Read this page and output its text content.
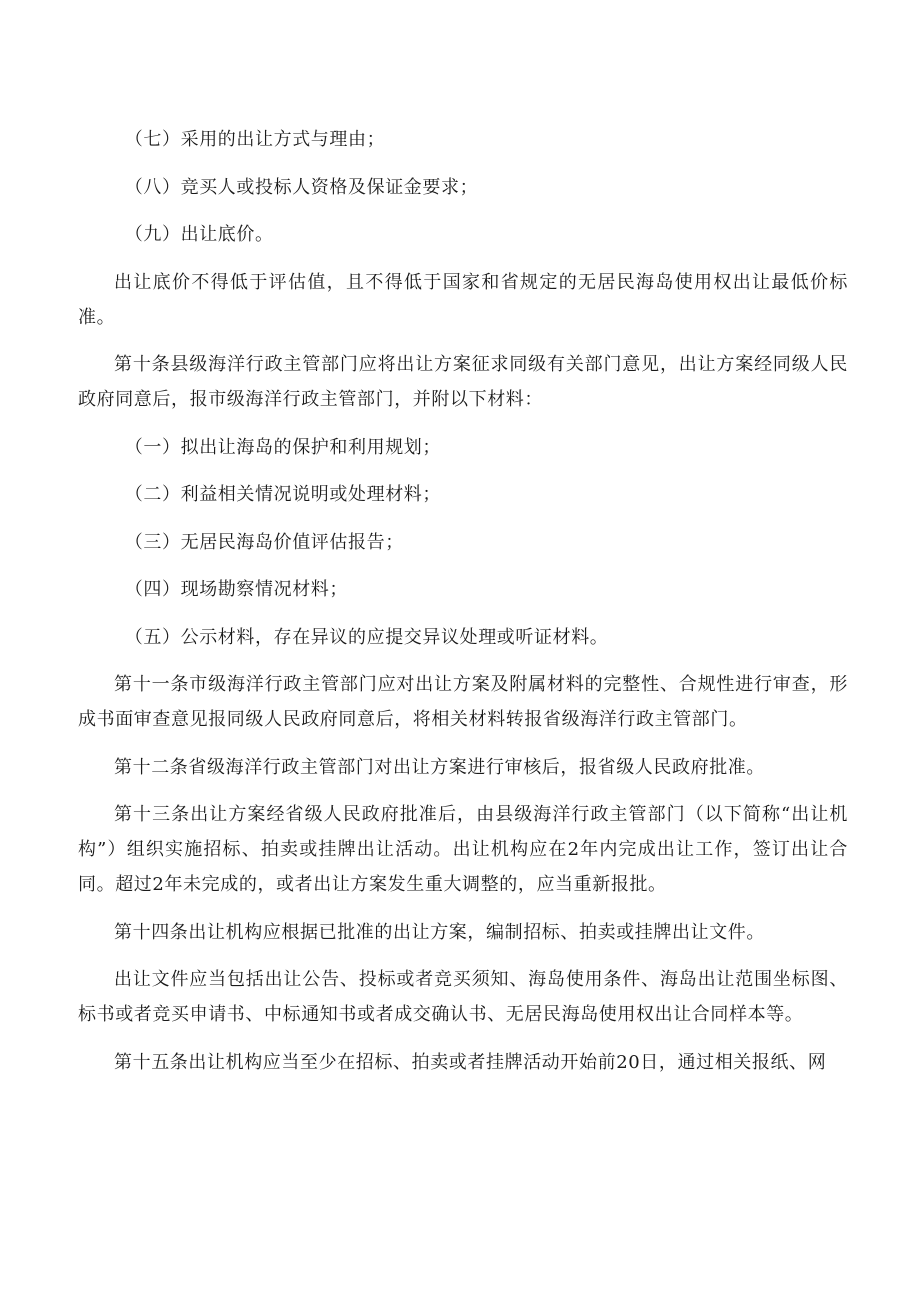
（七）采用的出让方式与理由；

（八）竞买人或投标人资格及保证金要求；

（九）出让底价。

出让底价不得低于评估值，且不得低于国家和省规定的无居民海岛使用权出让最低价标准。

第十条县级海洋行政主管部门应将出让方案征求同级有关部门意见，出让方案经同级人民政府同意后，报市级海洋行政主管部门，并附以下材料：

（一）拟出让海岛的保护和利用规划；

（二）利益相关情况说明或处理材料；

（三）无居民海岛价值评估报告；

（四）现场勘察情况材料；

（五）公示材料，存在异议的应提交异议处理或听证材料。

第十一条市级海洋行政主管部门应对出让方案及附属材料的完整性、合规性进行审查，形成书面审查意见报同级人民政府同意后，将相关材料转报省级海洋行政主管部门。

第十二条省级海洋行政主管部门对出让方案进行审核后，报省级人民政府批准。

第十三条出让方案经省级人民政府批准后，由县级海洋行政主管部门（以下简称“出让机构”）组织实施招标、拍卖或挂牌出让活动。出让机构应在2年内完成出让工作，签订出让合同。超过2年未完成的，或者出让方案发生重大调整的，应当重新报批。

第十四条出让机构应根据已批准的出让方案，编制招标、拍卖或挂牌出让文件。

出让文件应当包括出让公告、投标或者竞买须知、海岛使用条件、海岛出让范围坐标图、标书或者竞买申请书、中标通知书或者成交确认书、无居民海岛使用权出让合同样本等。

第十五条出让机构应当至少在招标、拍卖或者挂牌活动开始前20日，通过相关报纸、网
